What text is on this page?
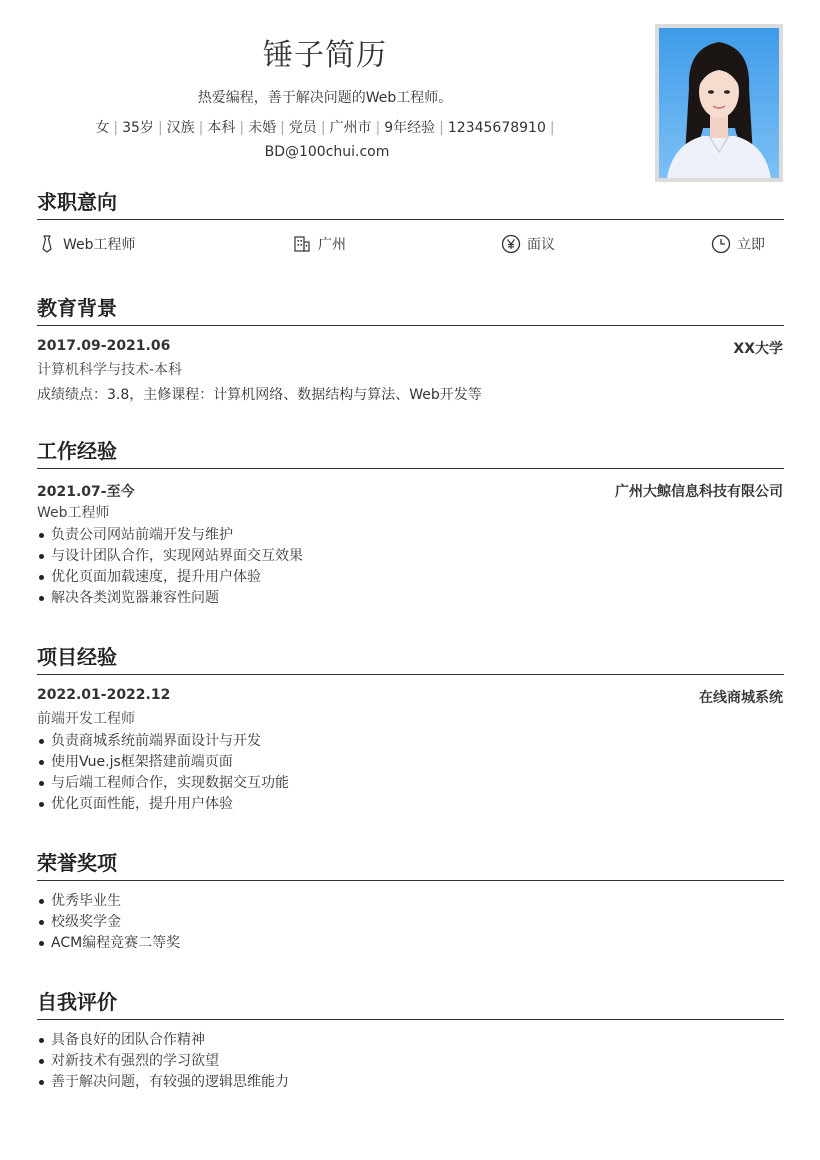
锤子简历
热爱编程，善于解决问题的Web工程师。
女 | 35岁 | 汉族 | 本科 | 未婚 | 党员 | 广州市 | 9年经验 | 12345678910 |
BD@100chui.com
求职意向
Web工程师	广州	面议	立即
教育背景
2017.09-2021.06	XX大学
计算机科学与技术-本科
成绩绩点：3.8，主修课程：计算机网络、数据结构与算法、Web开发等
工作经验
2021.07-至今	广州大鲸信息科技有限公司
Web工程师
负责公司网站前端开发与维护
与设计团队合作，实现网站界面交互效果
优化页面加载速度，提升用户体验
解决各类浏览器兼容性问题
项目经验
2022.01-2022.12	在线商城系统
前端开发工程师
负责商城系统前端界面设计与开发
使用Vue.js框架搭建前端页面
与后端工程师合作，实现数据交互功能
优化页面性能，提升用户体验
荣誉奖项
优秀毕业生
校级奖学金
ACM编程竞赛二等奖
自我评价
具备良好的团队合作精神
对新技术有强烈的学习欲望
善于解决问题，有较强的逻辑思维能力
